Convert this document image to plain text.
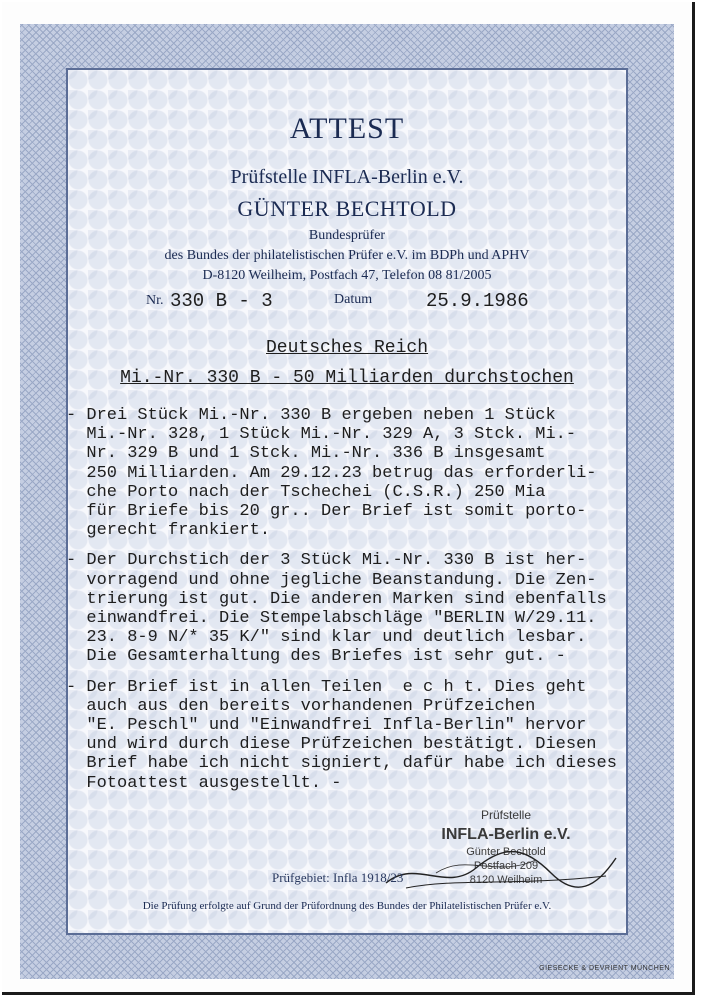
ATTEST
Prüfstelle INFLA-Berlin e.V.
GÜNTER BECHTOLD
Bundesprüfer
des Bundes der philatelistischen Prüfer e.V. im BDPh und APHV
D-8120 Weilheim, Postfach 47, Telefon 08 81/2005
Nr. 330 B - 3	Datum	25.9.1986
Deutsches Reich
Mi.-Nr. 330 B - 50 Milliarden durchstochen

- Drei Stück Mi.-Nr. 330 B ergeben neben 1 Stück

Mi.-Nr. 328, 1 Stück Mi.-Nr. 329 A, 3 Stck. Mi.-

Nr. 329 B und 1 Stck. Mi.-Nr. 336 B insgesamt

250 Milliarden. Am 29.12.23 betrug das erforderli-

che Porto nach der Tschechei (C.S.R.) 250 Mia

für Briefe bis 20 gr.. Der Brief ist somit porto-

gerecht frankiert.

- Der Durchstich der 3 Stück Mi.-Nr. 330 B ist her-

vorragend und ohne jegliche Beanstandung. Die Zen-

trierung ist gut. Die anderen Marken sind ebenfalls

einwandfrei. Die Stempelabschläge "BERLIN W/29.11.

23. 8-9 N/* 35 K/" sind klar und deutlich lesbar.

Die Gesamterhaltung des Briefes ist sehr gut. -

- Der Brief ist in allen Teilen  e c h t. Dies geht

auch aus den bereits vorhandenen Prüfzeichen

"E. Peschl" und "Einwandfrei Infla-Berlin" hervor

und wird durch diese Prüfzeichen bestätigt. Diesen

Brief habe ich nicht signiert, dafür habe ich dieses

Fotoattest ausgestellt. -

Prüfstelle
INFLA-Berlin e.V.
Günter Bechtold
Postfach 209
8120 Weilheim
Prüfgebiet: Infla 1918/23
Die Prüfung erfolgte auf Grund der Prüfordnung des Bundes der Philatelistischen Prüfer e.V.
GIESECKE & DEVRIENT MÜNCHEN
